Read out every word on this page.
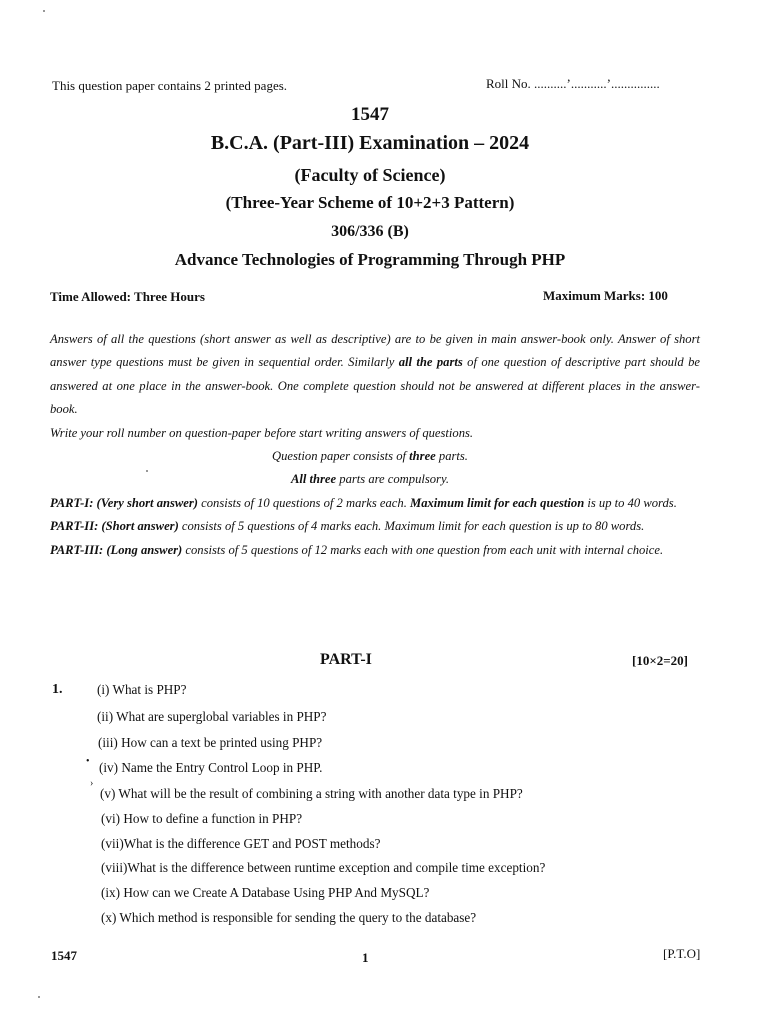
This question paper contains 2 printed pages.	Roll No. ..........’...........’...............
1547
B.C.A. (Part-III) Examination – 2024
(Faculty of Science)
(Three-Year Scheme of 10+2+3 Pattern)
306/336 (B)
Advance Technologies of Programming Through PHP
Time Allowed: Three Hours	Maximum Marks: 100
Answers of all the questions (short answer as well as descriptive) are to be given in main answer-book only. Answer of short answer type questions must be given in sequential order. Similarly all the parts of one question of descriptive part should be answered at one place in the answer-book. One complete question should not be answered at different places in the answer-book.
Write your roll number on question-paper before start writing answers of questions.
Question paper consists of three parts.
All three parts are compulsory.
PART-I: (Very short answer) consists of 10 questions of 2 marks each. Maximum limit for each question is up to 40 words.
PART-II: (Short answer) consists of 5 questions of 4 marks each. Maximum limit for each question is up to 80 words.
PART-III: (Long answer) consists of 5 questions of 12 marks each with one question from each unit with internal choice.
PART-I	[10×2=20]
1.	(i) What is PHP?
(ii) What are superglobal variables in PHP?
(iii) How can a text be printed using PHP?
• (iv) Name the Entry Control Loop in PHP.
›
(v) What will be the result of combining a string with another data type in PHP?
(vi) How to define a function in PHP?
(vii)What is the difference GET and POST methods?
(viii)What is the difference between runtime exception and compile time exception?
(ix) How can we Create A Database Using PHP And MySQL?
(x) Which method is responsible for sending the query to the database?
1547	1	[P.T.O]
